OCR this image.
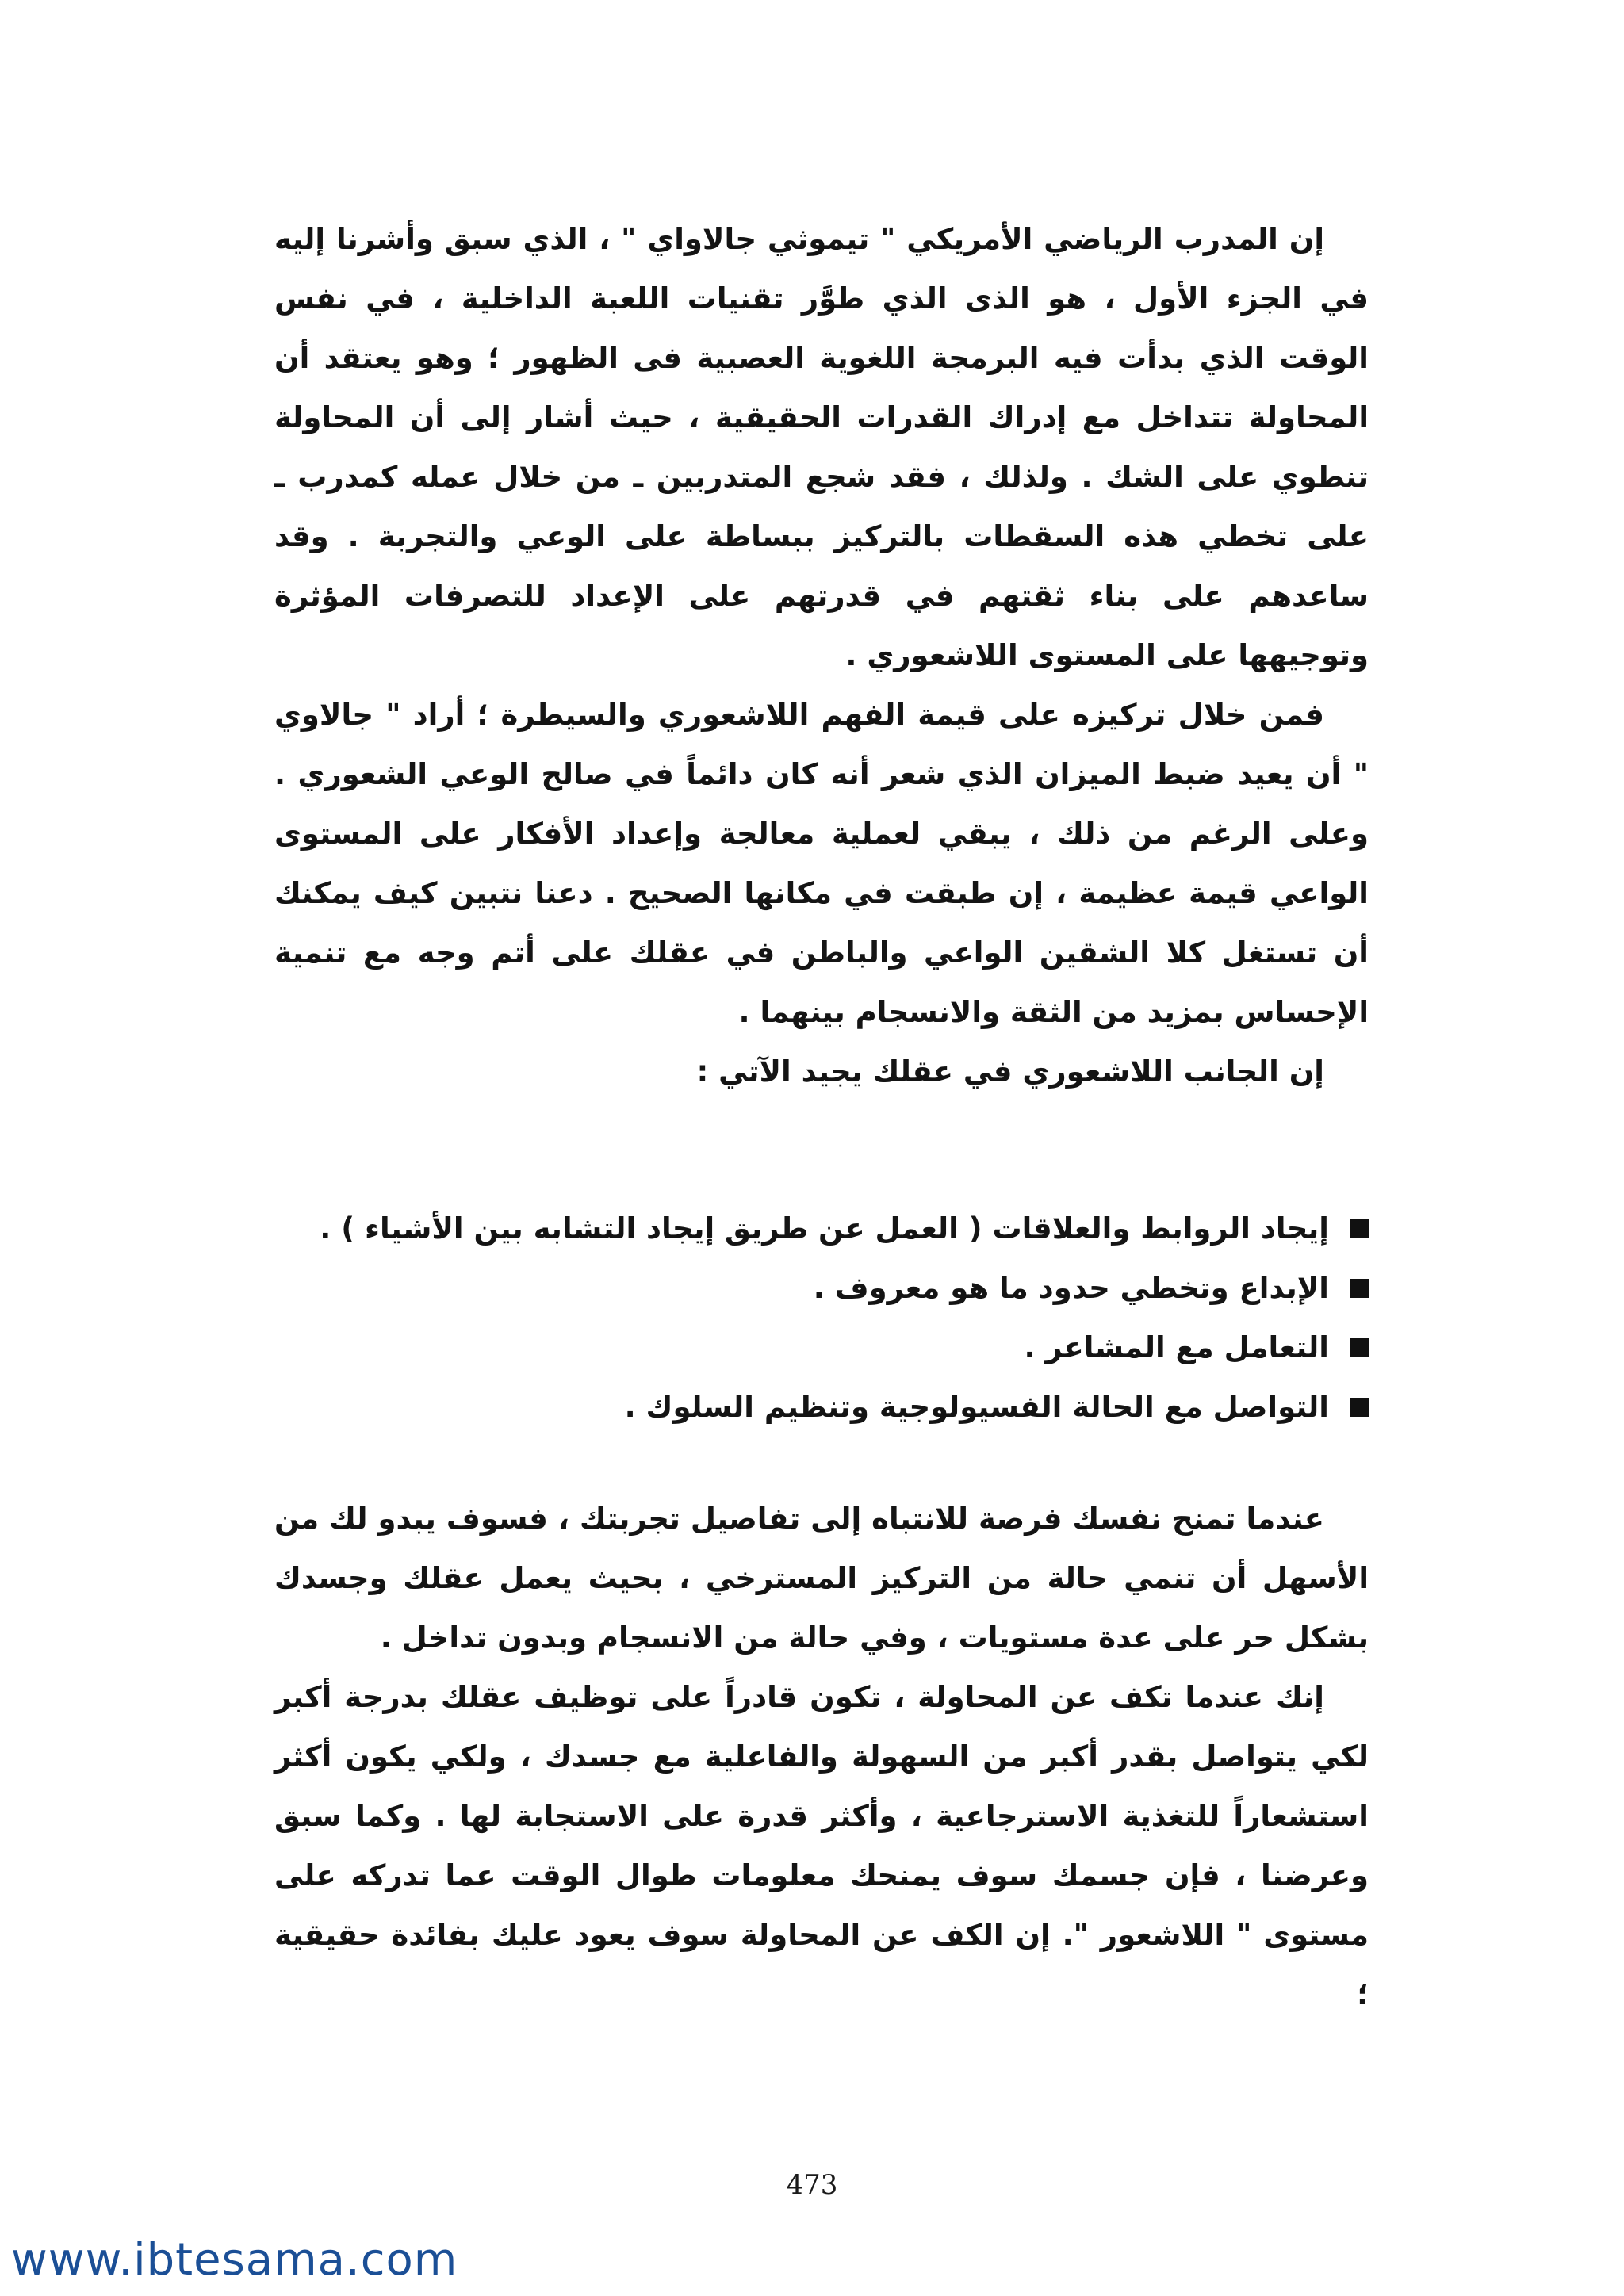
إن المدرب الرياضي الأمريكي " تيموثي جالاواي " ، الذي سبق وأشرنا إليه في الجزء الأول ، هو الذى الذي طوَّر تقنيات اللعبة الداخلية ، في نفس الوقت الذي بدأت فيه البرمجة اللغوية العصبية فى الظهور ؛ وهو يعتقد أن المحاولة تتداخل مع إدراك القدرات الحقيقية ، حيث أشار إلى أن المحاولة تنطوي على الشك . ولذلك ، فقد شجع المتدربين ـ من خلال عمله كمدرب ـ على تخطي هذه السقطات بالتركيز ببساطة على الوعي والتجربة . وقد ساعدهم على بناء ثقتهم في قدرتهم على الإعداد للتصرفات المؤثرة وتوجيهها على المستوى اللاشعوري .

فمن خلال تركيزه على قيمة الفهم اللاشعوري والسيطرة ؛ أراد " جالاوي " أن يعيد ضبط الميزان الذي شعر أنه كان دائماً في صالح الوعي الشعوري . وعلى الرغم من ذلك ، يبقي لعملية معالجة وإعداد الأفكار على المستوى الواعي قيمة عظيمة ، إن طبقت في مكانها الصحيح . دعنا نتبين كيف يمكنك أن تستغل كلا الشقين الواعي والباطن في عقلك على أتم وجه مع تنمية الإحساس بمزيد من الثقة والانسجام بينهما .

إن الجانب اللاشعوري في عقلك يجيد الآتي :

إيجاد الروابط والعلاقات ( العمل عن طريق إيجاد التشابه بين الأشياء ) .
الإبداع وتخطي حدود ما هو معروف .
التعامل مع المشاعر .
التواصل مع الحالة الفسيولوجية وتنظيم السلوك .

عندما تمنح نفسك فرصة للانتباه إلى تفاصيل تجربتك ، فسوف يبدو لك من الأسهل أن تنمي حالة من التركيز المسترخي ، بحيث يعمل عقلك وجسدك بشكل حر على عدة مستويات ، وفي حالة من الانسجام وبدون تداخل .

إنك عندما تكف عن المحاولة ، تكون قادراً على توظيف عقلك بدرجة أكبر لكي يتواصل بقدر أكبر من السهولة والفاعلية مع جسدك ، ولكي يكون أكثر استشعاراً للتغذية الاسترجاعية ، وأكثر قدرة على الاستجابة لها . وكما سبق وعرضنا ، فإن جسمك سوف يمنحك معلومات طوال الوقت عما تدركه على مستوى " اللاشعور ". إن الكف عن المحاولة سوف يعود عليك بفائدة حقيقية ؛

473
www.ibtesama.com
